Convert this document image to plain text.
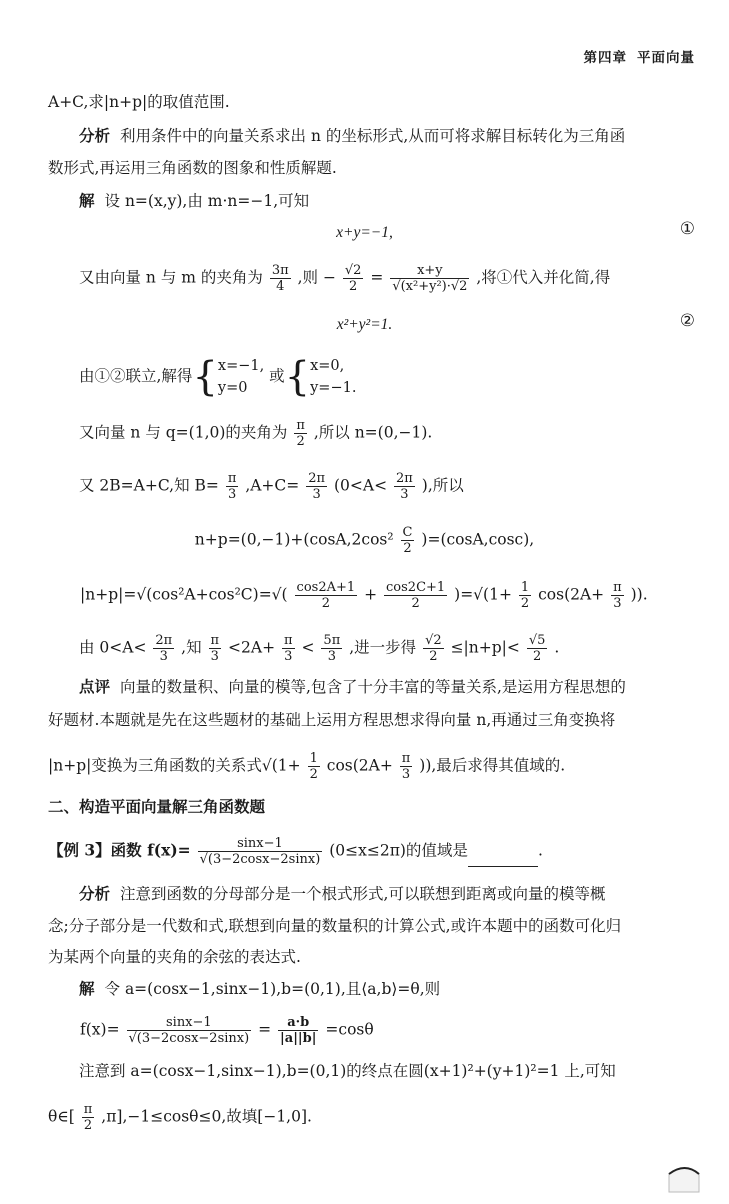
第四章 平面向量
A+C,求|n+p|的取值范围.
分析 利用条件中的向量关系求出 n 的坐标形式,从而可将求解目标转化为三角函
数形式,再运用三角函数的图象和性质解题.
解 设 n=(x,y),由 m·n=−1,可知
x+y=−1,	①
又由向量 n 与 m 的夹角为 $\frac{3\pi}{4}$ ,则 − $\frac{√2}{2} = \frac{x+y}{\text{√(x²+y²)·√2}}$ ,将①代入并化简,得
x²+y²=1.	②
由①②联立,解得{ x=−1,
y=0
或{ x=0,
y=−1.
又向量 n 与 q=(1,0)的夹角为 $\frac{\pi}{2}$ ,所以 n=(0,−1).
又 2B=A+C,知 $B= \frac{\pi}{3} ,A+C= \frac{2\pi}{3} (0<A< \frac{2\pi}{3}$ ),所以
$n+p=(0,-1)+(\cos A,2\cos^2 \frac{C}{2} )=(\cos A,\cos c)$,
$|n+p|=√(\cos^2A+\cos^2C)=√( \frac{\cos 2A+1}{2} + \frac{\cos 2C+1}{2} )=√(1+ \frac{1}{2} \cos(2A+ \frac{\pi}{3}$ )).
由 $0<A< \frac{2\pi}{3}$ ,知 $\frac{\pi}{3} <2A+ \frac{\pi}{3} < \frac{5\pi}{3}$ ,进一步得 $\frac{√2}{2} \le|n+p|< \frac{√5}{2}$ .
点评 向量的数量积、向量的模等,包含了十分丰富的等量关系,是运用方程思想的
好题材.本题就是先在这些题材的基础上运用方程思想求得向量 n,再通过三角变换将
|n+p|变换为三角函数的关系式$√(1+ \frac{1}{2} \cos(2A+ \frac{\pi}{3}$ )),最后求得其值域的.
二、构造平面向量解三角函数题
【例 3】函数 $f(x)= \frac{\sin x-1}{√(3-2\cos x-2\sin x)} (0\le x\le 2\pi)$的值域是	.
分析 注意到函数的分母部分是一个根式形式,可以联想到距离或向量的模等概
念;分子部分是一代数和式,联想到向量的数量积的计算公式,或许本题中的函数可化归
为某两个向量的夹角的余弦的表达式.
解 令 a=(cosx−1,sinx−1),b=(0,1),且⟨a,b⟩=θ,则
$f(x)= \frac{\sin x-1}{√(3-2\cos x-2\sin x)} = \frac{a\cdot b}{|a||b|} =\cos\theta$
注意到 a=(cosx−1,sinx−1),b=(0,1)的终点在圆(x+1)²+(y+1)²=1 上,可知
θ∈[ $\frac{\pi}{2} ,\pi],-1\le\cos\theta\le 0$,故填[−1,0].
